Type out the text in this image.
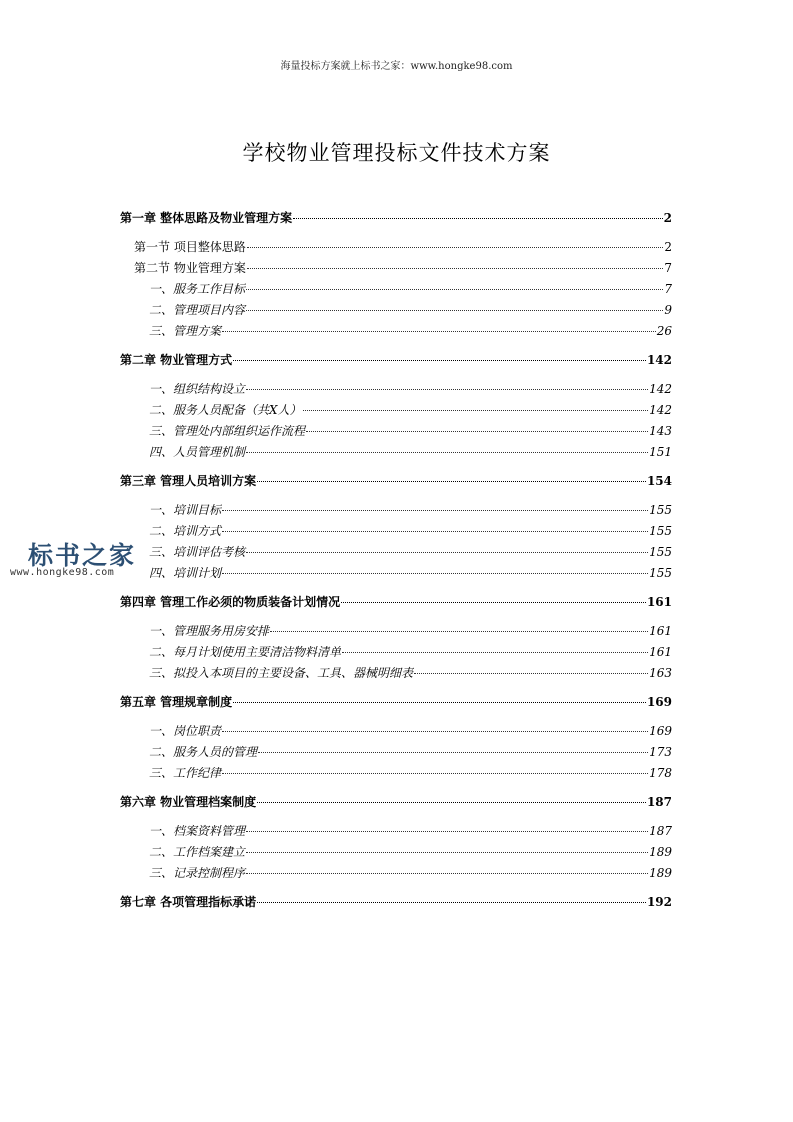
海量投标方案就上标书之家：www.hongke98.com
学校物业管理投标文件技术方案
第一章 整体思路及物业管理方案	2
第一节 项目整体思路	2
第二节 物业管理方案	7
一、服务工作目标	7
二、管理项目内容	9
三、管理方案	26
第二章 物业管理方式	142
一、组织结构设立	142
二、服务人员配备（共X人）	142
三、管理处内部组织运作流程	143
四、人员管理机制	151
第三章 管理人员培训方案	154
一、培训目标	155
二、培训方式	155
三、培训评估考核	155
四、培训计划	155
第四章 管理工作必须的物质装备计划情况	161
一、管理服务用房安排	161
二、每月计划使用主要清洁物料清单	161
三、拟投入本项目的主要设备、工具、器械明细表	163
第五章 管理规章制度	169
一、岗位职责	169
二、服务人员的管理	173
三、工作纪律	178
第六章 物业管理档案制度	187
一、档案资料管理	187
二、工作档案建立	189
三、记录控制程序	189
第七章 各项管理指标承诺	192
标书之家
www.hongke98.com
